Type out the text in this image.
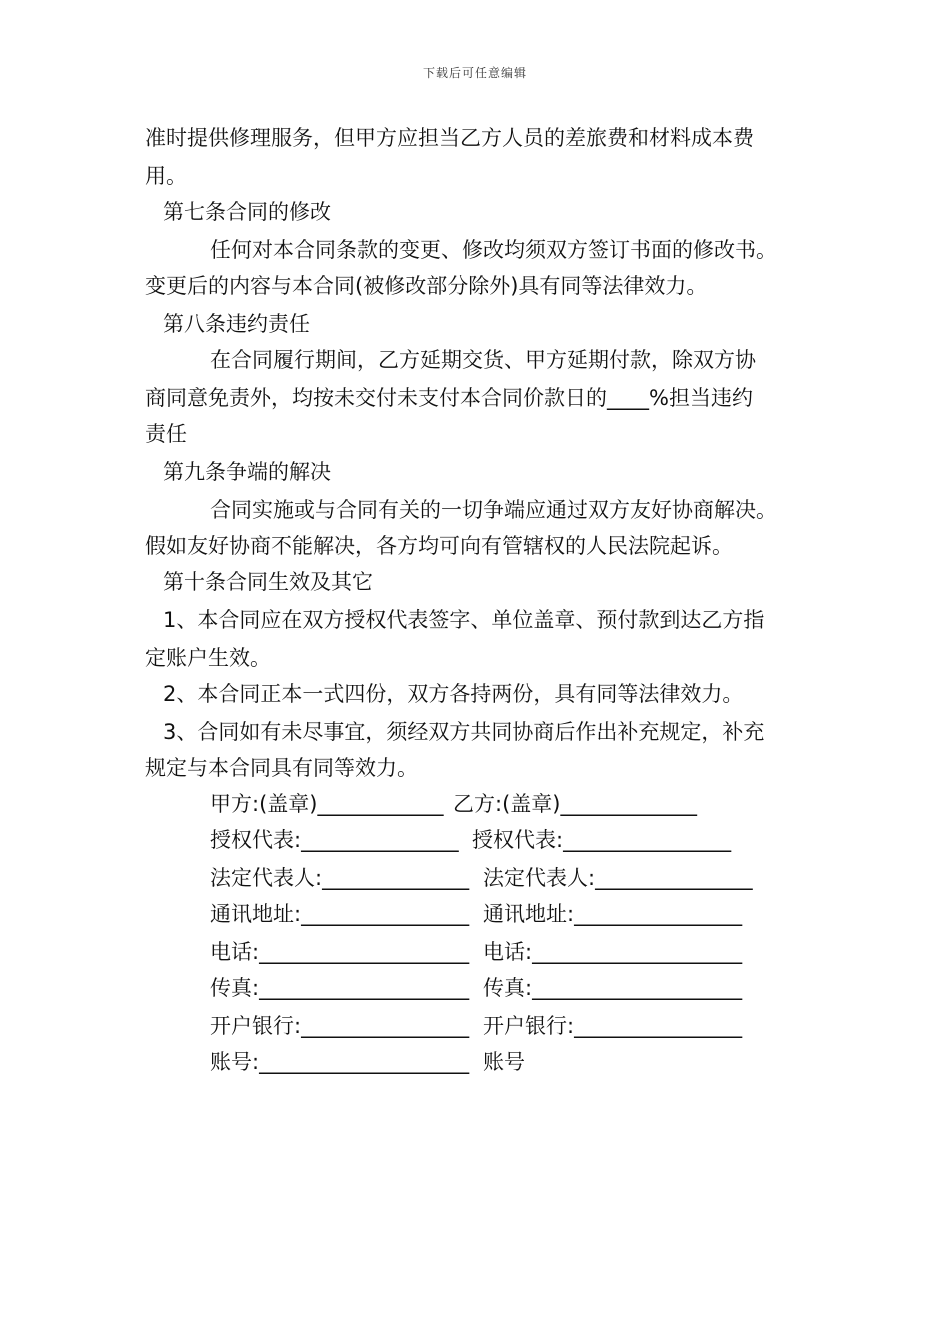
下载后可任意编辑
准时提供修理服务，但甲方应担当乙方人员的差旅费和材料成本费
用。
第七条合同的修改
任何对本合同条款的变更、修改均须双方签订书面的修改书。
变更后的内容与本合同(被修改部分除外)具有同等法律效力。
第八条违约责任
在合同履行期间，乙方延期交货、甲方延期付款，除双方协
商同意免责外，均按未交付未支付本合同价款日的____%担当违约
责任
第九条争端的解决
合同实施或与合同有关的一切争端应通过双方友好协商解决。
假如友好协商不能解决，各方均可向有管辖权的人民法院起诉。
第十条合同生效及其它
1、本合同应在双方授权代表签字、单位盖章、预付款到达乙方指
定账户生效。
2、本合同正本一式四份，双方各持两份，具有同等法律效力。
3、合同如有未尽事宜，须经双方共同协商后作出补充规定，补充
规定与本合同具有同等效力。
甲方:(盖章)____________ 乙方:(盖章)_____________
授权代表:_______________ 授权代表:________________
法定代表人:______________ 法定代表人:_______________
通讯地址:________________ 通讯地址:________________
电话:____________________ 电话:____________________
传真:____________________ 传真:____________________
开户银行:________________ 开户银行:________________
账号:____________________ 账号
